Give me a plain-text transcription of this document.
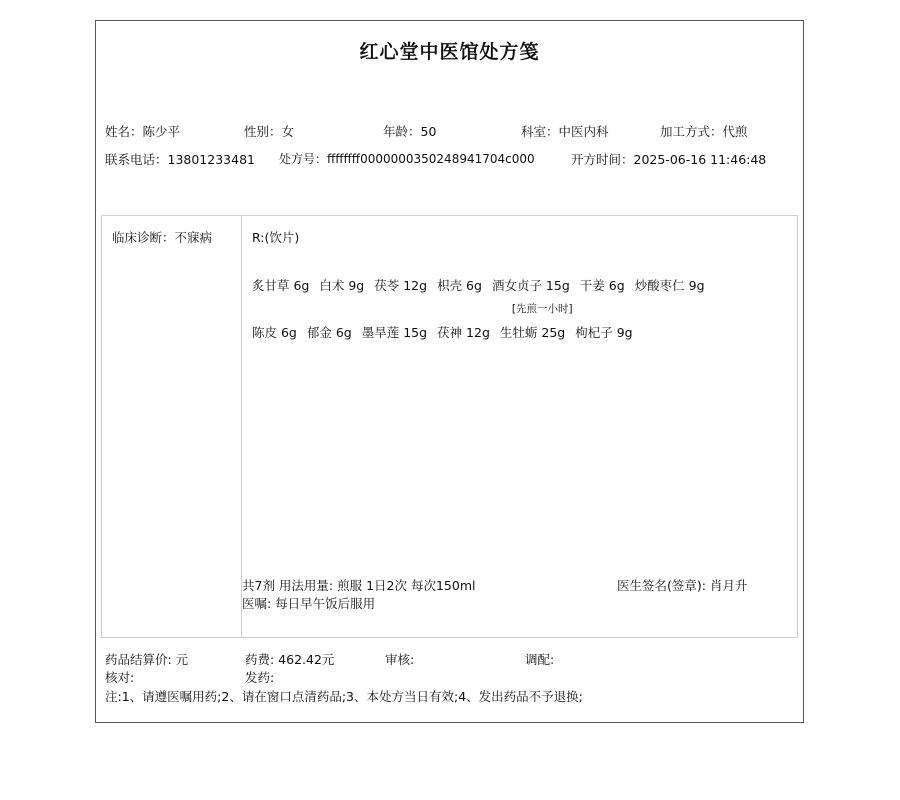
红心堂中医馆处方笺
姓名：陈少平	性别：女	年龄：50	科室：中医内科	加工方式：代煎
联系电话：13801233481 处方号：ffffffff0000000350248941704c000	开方时间：2025-06-16 11:46:48
临床诊断：不寐病	R:(饮片)
炙甘草 6g 白术 9g 茯苓 12g 枳壳 6g 酒女贞子 15g 干姜 6g 炒酸枣仁 9g
陈皮 6g 郁金 6g 墨旱莲 15g 茯神 12g 生牡蛎 25g
[先煎一小时]
枸杞子 9g
共7剂 用法用量: 煎服 1日2次 每次150ml	医生签名(签章): 肖月升
医嘱: 每日早午饭后服用
药品结算价: 元	药费: 462.42元	审核:	调配:
核对:	发药:
注:1、请遵医嘱用药;2、请在窗口点清药品;3、本处方当日有效;4、发出药品不予退换;
